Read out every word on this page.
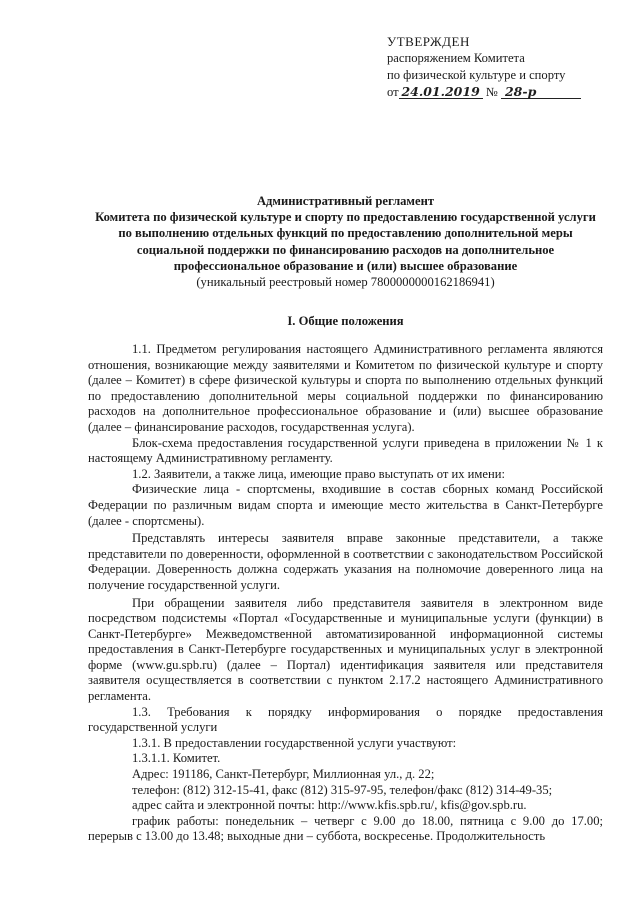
УТВЕРЖДЕН
распоряжением Комитета
по физической культуре и спорту
от 24.01.2019 № 28-р
Административный регламент
Комитета по физической культуре и спорту по предоставлению государственной услуги по выполнению отдельных функций по предоставлению дополнительной меры социальной поддержки по финансированию расходов на дополнительное профессиональное образование и (или) высшее образование
(уникальный реестровый номер 7800000000162186941)
I. Общие положения

1.1. Предметом регулирования настоящего Административного регламента являются отношения, возникающие между заявителями и Комитетом по физической культуре и спорту (далее – Комитет) в сфере физической культуры и спорта по выполнению отдельных функций по предоставлению дополнительной меры социальной поддержки по финансированию расходов на дополнительное профессиональное образование и (или) высшее образование (далее – финансирование расходов, государственная услуга).

Блок-схема предоставления государственной услуги приведена в приложении № 1 к настоящему Административному регламенту.

1.2. Заявители, а также лица, имеющие право выступать от их имени:

Физические лица - спортсмены, входившие в состав сборных команд Российской Федерации по различным видам спорта и имеющие место жительства в Санкт-Петербурге (далее - спортсмены).

Представлять интересы заявителя вправе законные представители, а также представители по доверенности, оформленной в соответствии с законодательством Российской Федерации. Доверенность должна содержать указания на полномочие доверенного лица на получение государственной услуги.

При обращении заявителя либо представителя заявителя в электронном виде посредством подсистемы «Портал «Государственные и муниципальные услуги (функции) в Санкт-Петербурге» Межведомственной автоматизированной информационной системы предоставления в Санкт-Петербурге государственных и муниципальных услуг в электронной форме (www.gu.spb.ru) (далее – Портал) идентификация заявителя или представителя заявителя осуществляется в соответствии с пунктом 2.17.2 настоящего Административного регламента.

1.3. Требования к порядку информирования о порядке предоставления государственной услуги

1.3.1. В предоставлении государственной услуги участвуют:

1.3.1.1. Комитет.

Адрес: 191186, Санкт-Петербург, Миллионная ул., д. 22;

телефон: (812) 312-15-41, факс (812) 315-97-95, телефон/факс (812) 314-49-35;

адрес сайта и электронной почты: http://www.kfis.spb.ru/, kfis@gov.spb.ru.

график работы: понедельник – четверг с 9.00 до 18.00, пятница с 9.00 до 17.00; перерыв с 13.00 до 13.48; выходные дни – суббота, воскресенье. Продолжительность
